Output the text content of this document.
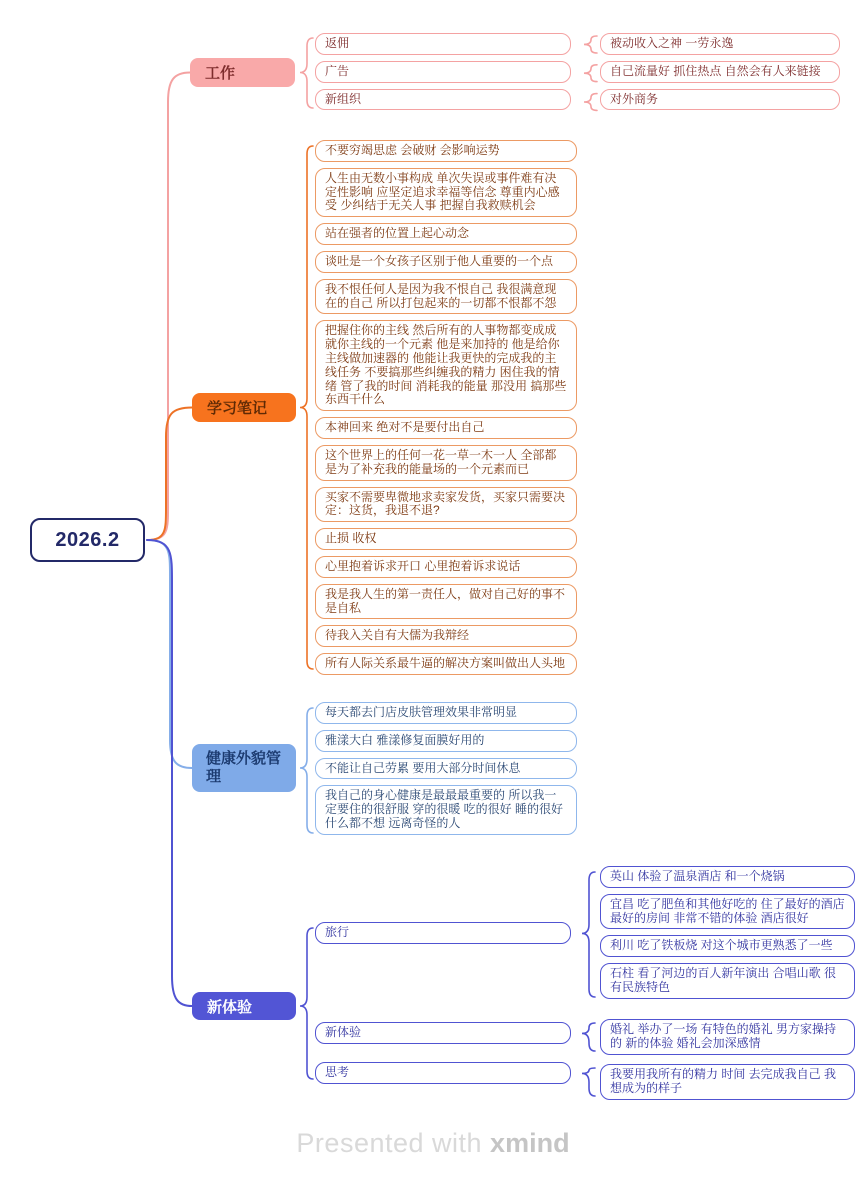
2026.2
工作
学习笔记
健康外貌管理
新体验
返佣
广告
新组织
被动收入之神 一劳永逸
自己流量好 抓住热点 自然会有人来链接
对外商务
不要穷竭思虑 会破财 会影响运势
人生由无数小事构成 单次失误或事件难有决定性影响 应坚定追求幸福等信念 尊重内心感受 少纠结于无关人事 把握自我救赎机会
站在强者的位置上起心动念
谈吐是一个女孩子区别于他人重要的一个点
我不恨任何人是因为我不恨自己 我很满意现在的自己 所以打包起来的一切都不恨都不怨
把握住你的主线 然后所有的人事物都变成成就你主线的一个元素 他是来加持的 他是给你主线做加速器的 他能让我更快的完成我的主线任务 不要搞那些纠缠我的精力 困住我的情绪 管了我的时间 消耗我的能量 那没用 搞那些东西干什么
本神回来 绝对不是要付出自己
这个世界上的任何一花一草一木一人 全部都是为了补充我的能量场的一个元素而已
买家不需要卑微地求卖家发货，买家只需要决定：这货，我退不退?
止损 收权
心里抱着诉求开口 心里抱着诉求说话
我是我人生的第一责任人，做对自己好的事不是自私
待我入关自有大儒为我辩经
所有人际关系最牛逼的解决方案叫做出人头地
每天都去门店皮肤管理效果非常明显
雅漾大白 雅漾修复面膜好用的
不能让自己劳累 要用大部分时间休息
我自己的身心健康是最最最重要的 所以我一定要住的很舒服 穿的很暖 吃的很好 睡的很好 什么都不想 远离奇怪的人
旅行
新体验
思考
英山 体验了温泉酒店 和一个烧锅
宜昌 吃了肥鱼和其他好吃的 住了最好的酒店 最好的房间 非常不错的体验 酒店很好
利川 吃了铁板烧 对这个城市更熟悉了一些
石柱 看了河边的百人新年演出 合唱山歌 很有民族特色
婚礼 举办了一场 有特色的婚礼 男方家操持的 新的体验 婚礼会加深感情
我要用我所有的精力 时间 去完成我自己 我想成为的样子
Presented with xmind
